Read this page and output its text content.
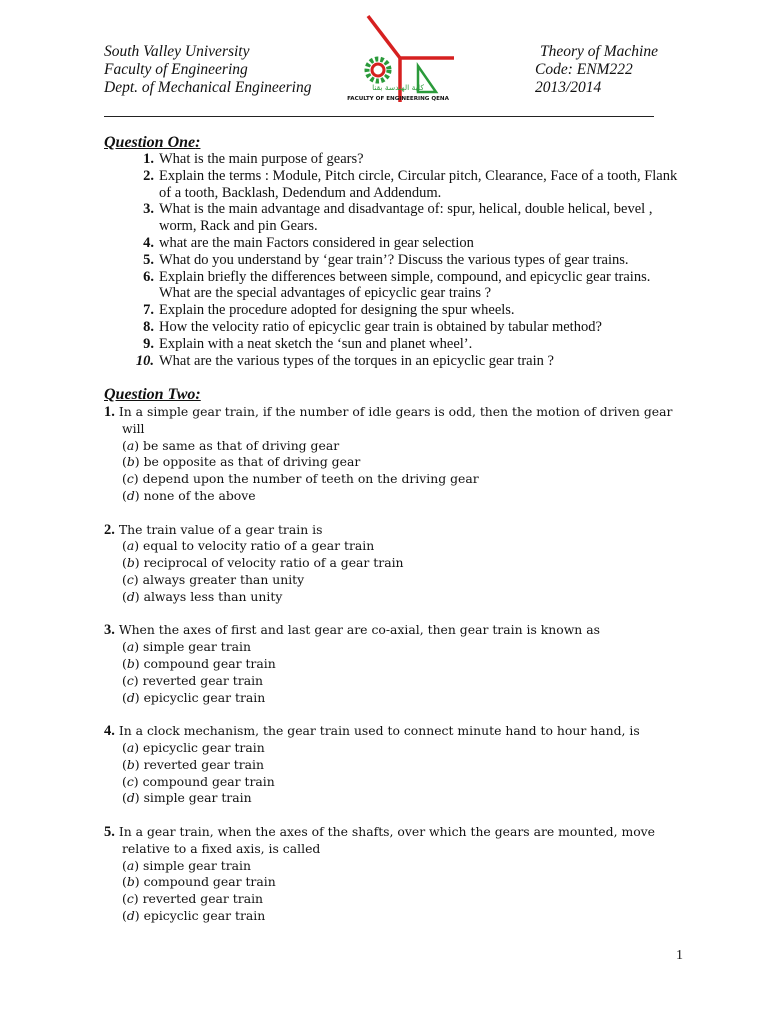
South Valley University
Faculty of Engineering
Dept. of Mechanical Engineering	كلية الهندسة بقنا
FACULTY OF ENGINEERING QENA
Theory of Machine
Code: ENM222
2013/2014
Question One:
1. What is the main purpose of gears?
2. Explain the terms : Module, Pitch circle, Circular pitch, Clearance, Face of a tooth, Flank of a tooth, Backlash, Dedendum and Addendum.
3. What is the main advantage and disadvantage of: spur, helical, double helical, bevel , worm, Rack and pin Gears.
4. what are the main Factors considered in gear selection
5. What do you understand by ‘gear train’? Discuss the various types of gear trains.
6. Explain briefly the differences between simple, compound, and epicyclic gear trains. What are the special advantages of epicyclic gear trains ?
7. Explain the procedure adopted for designing the spur wheels.
8. How the velocity ratio of epicyclic gear train is obtained by tabular method?
9. Explain with a neat sketch the ‘sun and planet wheel’.
10. What are the various types of the torques in an epicyclic gear train ?
Question Two:
1. In a simple gear train, if the number of idle gears is odd, then the motion of driven gear will
(a) be same as that of driving gear
(b) be opposite as that of driving gear
(c) depend upon the number of teeth on the driving gear
(d) none of the above
2. The train value of a gear train is
(a) equal to velocity ratio of a gear train
(b) reciprocal of velocity ratio of a gear train
(c) always greater than unity
(d) always less than unity
3. When the axes of first and last gear are co-axial, then gear train is known as
(a) simple gear train
(b) compound gear train
(c) reverted gear train
(d) epicyclic gear train
4. In a clock mechanism, the gear train used to connect minute hand to hour hand, is
(a) epicyclic gear train
(b) reverted gear train
(c) compound gear train
(d) simple gear train
5. In a gear train, when the axes of the shafts, over which the gears are mounted, move relative to a fixed axis, is called
(a) simple gear train
(b) compound gear train
(c) reverted gear train
(d) epicyclic gear train
1
